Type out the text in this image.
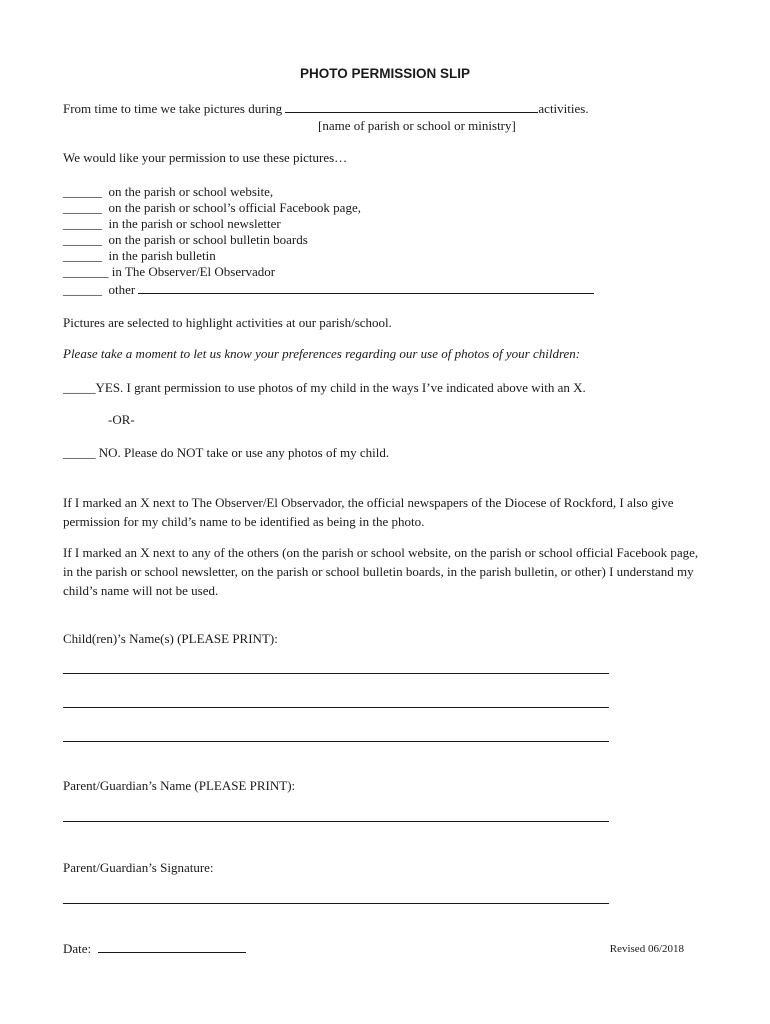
PHOTO PERMISSION SLIP
From time to time we take pictures during	activities.
[name of parish or school or ministry]
We would like your permission to use these pictures…
______ on the parish or school website,
______ on the parish or school’s official Facebook page,
______ in the parish or school newsletter
______ on the parish or school bulletin boards
______ in the parish bulletin
_______ in The Observer/El Observador
______ other
Pictures are selected to highlight activities at our parish/school.
Please take a moment to let us know your preferences regarding our use of photos of your children:
_____YES. I grant permission to use photos of my child in the ways I’ve indicated above with an X.
-OR-
_____ NO. Please do NOT take or use any photos of my child.
If I marked an X next to The Observer/El Observador, the official newspapers of the Diocese of Rockford, I also give permission for my child’s name to be identified as being in the photo.
If I marked an X next to any of the others (on the parish or school website, on the parish or school official Facebook page, in the parish or school newsletter, on the parish or school bulletin boards, in the parish bulletin, or other) I understand my child’s name will not be used.
Child(ren)’s Name(s) (PLEASE PRINT):
Parent/Guardian’s Name (PLEASE PRINT):
Parent/Guardian’s Signature:
Date:	Revised 06/2018
